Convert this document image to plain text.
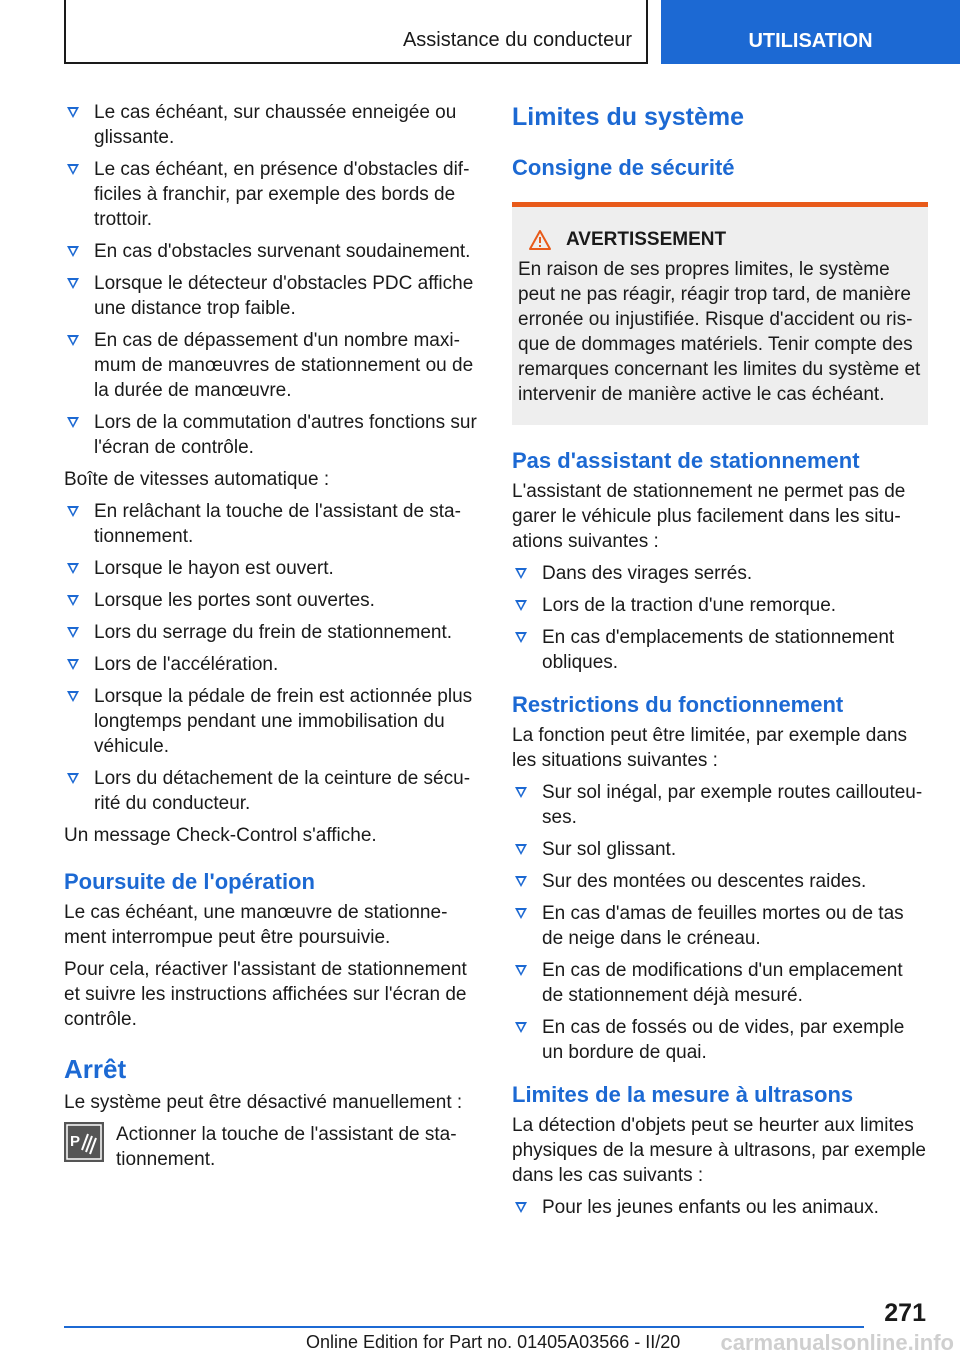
Assistance du conducteur	UTILISATION
Le cas échéant, sur chaussée enneigée ou glissante.
Le cas échéant, en présence d'obstacles difficiles à franchir, par exemple des bords de trottoir.
En cas d'obstacles survenant soudainement.
Lorsque le détecteur d'obstacles PDC affiche une distance trop faible.
En cas de dépassement d'un nombre maximum de manœuvres de stationnement ou de la durée de manœuvre.
Lors de la commutation d'autres fonctions sur l'écran de contrôle.

Boîte de vitesses automatique :

En relâchant la touche de l'assistant de stationnement.
Lorsque le hayon est ouvert.
Lorsque les portes sont ouvertes.
Lors du serrage du frein de stationnement.
Lors de l'accélération.
Lorsque la pédale de frein est actionnée plus longtemps pendant une immobilisation du véhicule.
Lors du détachement de la ceinture de sécurité du conducteur.

Un message Check-Control s'affiche.

Poursuite de l'opération

Le cas échéant, une manœuvre de stationnement interrompue peut être poursuivie.

Pour cela, réactiver l'assistant de stationnement et suivre les instructions affichées sur l'écran de contrôle.

Arrêt

Le système peut être désactivé manuellement :

P Actionner la touche de l'assistant de stationnement.
Limites du système
Consigne de sécurité
AVERTISSEMENT
En raison de ses propres limites, le système peut ne pas réagir, réagir trop tard, de manière erronée ou injustifiée. Risque d'accident ou risque de dommages matériels. Tenir compte des remarques concernant les limites du système et intervenir de manière active le cas échéant.
Pas d'assistant de stationnement

L'assistant de stationnement ne permet pas de garer le véhicule plus facilement dans les situations suivantes :

Dans des virages serrés.
Lors de la traction d'une remorque.
En cas d'emplacements de stationnement obliques.
Restrictions du fonctionnement

La fonction peut être limitée, par exemple dans les situations suivantes :

Sur sol inégal, par exemple routes caillouteuses.
Sur sol glissant.
Sur des montées ou descentes raides.
En cas d'amas de feuilles mortes ou de tas de neige dans le créneau.
En cas de modifications d'un emplacement de stationnement déjà mesuré.
En cas de fossés ou de vides, par exemple un bordure de quai.
Limites de la mesure à ultrasons

La détection d'objets peut se heurter aux limites physiques de la mesure à ultrasons, par exemple dans les cas suivants :

Pour les jeunes enfants ou les animaux.
271
Online Edition for Part no. 01405A03566 - II/20 carmanualsonline.info
